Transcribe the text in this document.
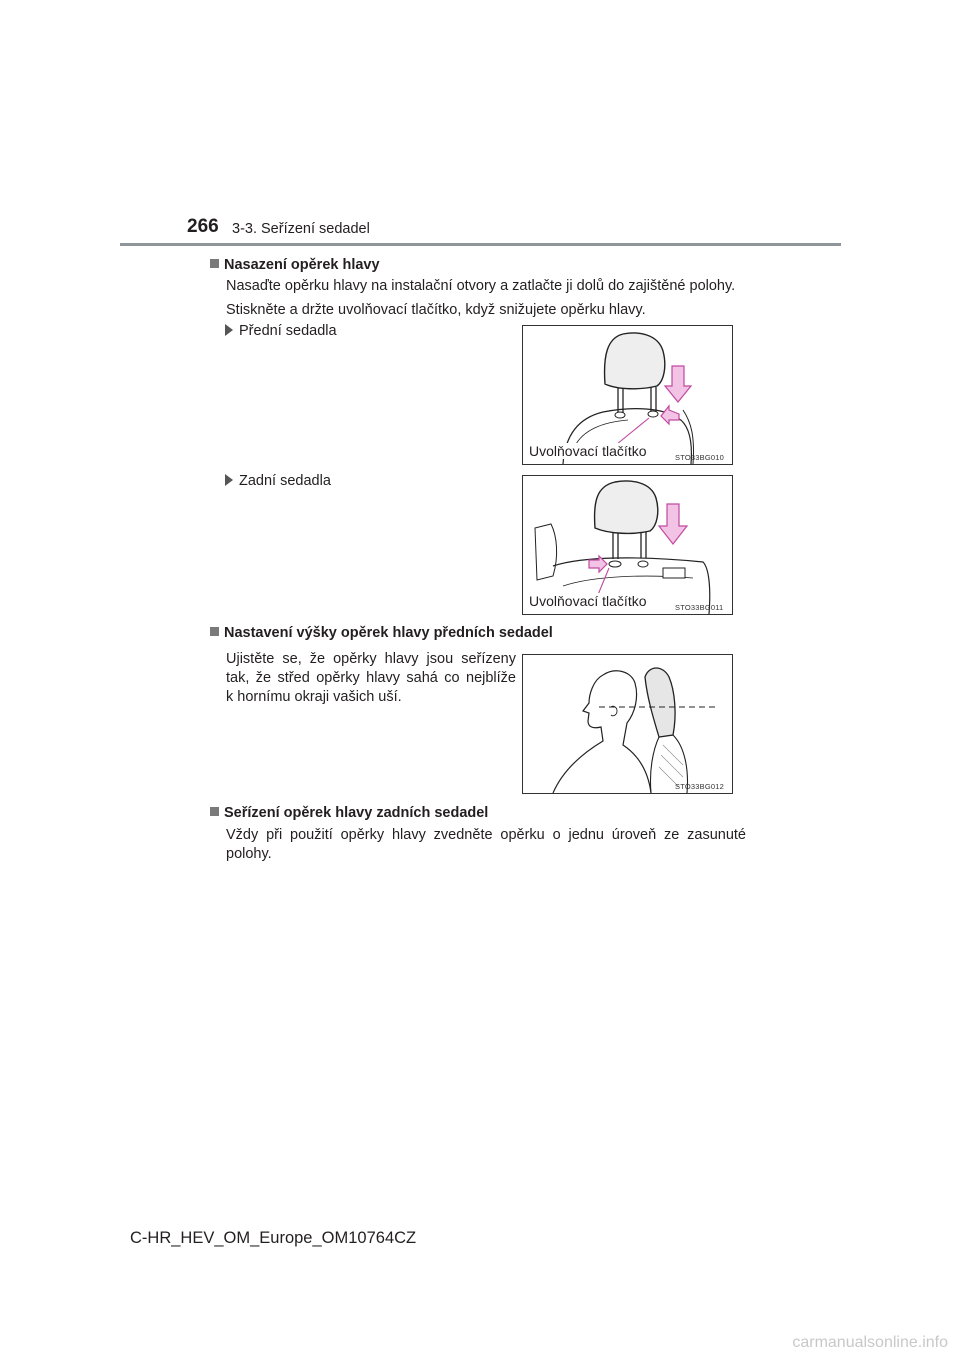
266 3-3. Seřízení sedadel
Nasazení opěrek hlavy
Nasaďte opěrku hlavy na instalační otvory a zatlačte ji dolů do zajištěné polohy.
Stiskněte a držte uvolňovací tlačítko, když snižujete opěrku hlavy.
Přední sedadla
Uvolňovací tlačítko	STO33BG010
Zadní sedadla
Uvolňovací tlačítko	STO33BG011
Nastavení výšky opěrek hlavy předních sedadel
Ujistěte se, že opěrky hlavy jsou seřízeny
tak, že střed opěrky hlavy sahá co nejblíže
k hornímu okraji vašich uší.
STO33BG012
Seřízení opěrek hlavy zadních sedadel
Vždy při použití opěrky hlavy zvedněte opěrku o jednu úroveň ze zasunuté
polohy.
C-HR_HEV_OM_Europe_OM10764CZ
carmanualsonline.info
